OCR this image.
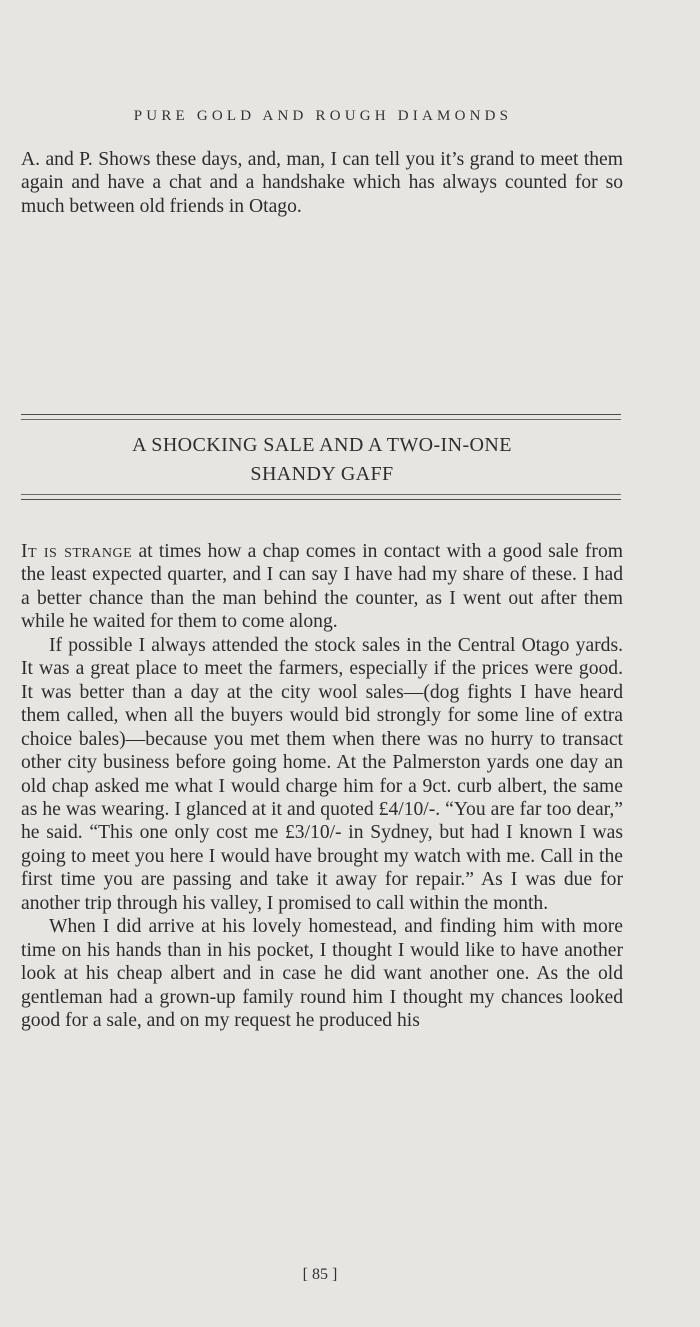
PURE GOLD AND ROUGH DIAMONDS

A. and P. Shows these days, and, man, I can tell you it’s grand to meet them again and have a chat and a handshake which has always counted for so much between old friends in Otago.

A SHOCKING SALE AND A TWO-IN-ONE
SHANDY GAFF

It is strange at times how a chap comes in contact with a good sale from the least expected quarter, and I can say I have had my share of these. I had a better chance than the man behind the counter, as I went out after them while he waited for them to come along.

If possible I always attended the stock sales in the Central Otago yards. It was a great place to meet the farmers, especially if the prices were good. It was better than a day at the city wool sales—(dog fights I have heard them called, when all the buyers would bid strongly for some line of extra choice bales)—because you met them when there was no hurry to transact other city business before going home. At the Palmerston yards one day an old chap asked me what I would charge him for a 9ct. curb albert, the same as he was wearing. I glanced at it and quoted £4/10/-. “You are far too dear,” he said. “This one only cost me £3/10/- in Sydney, but had I known I was going to meet you here I would have brought my watch with me. Call in the first time you are passing and take it away for repair.” As I was due for another trip through his valley, I promised to call within the month.

When I did arrive at his lovely homestead, and finding him with more time on his hands than in his pocket, I thought I would like to have another look at his cheap albert and in case he did want another one. As the old gentleman had a grown-up family round him I thought my chances looked good for a sale, and on my request he produced his

[ 85 ]
